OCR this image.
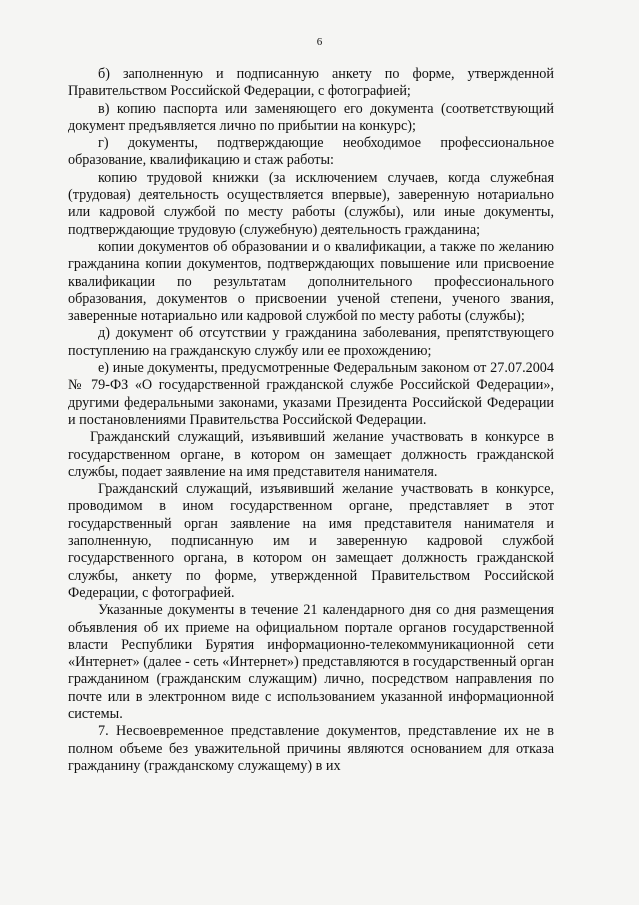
6

б) заполненную и подписанную анкету по форме, утвержденной Правительством Российской Федерации, с фотографией;

в) копию паспорта или заменяющего его документа (соответствующий документ предъявляется лично по прибытии на конкурс);

г) документы, подтверждающие необходимое профессиональное образование, квалификацию и стаж работы:

копию трудовой книжки (за исключением случаев, когда служебная (трудовая) деятельность осуществляется впервые), заверенную нотариально или кадровой службой по месту работы (службы), или иные документы, подтверждающие трудовую (служебную) деятельность гражданина;

копии документов об образовании и о квалификации, а также по желанию гражданина копии документов, подтверждающих повышение или присвоение квалификации по результатам дополнительного профессионального образования, документов о присвоении ученой степени, ученого звания, заверенные нотариально или кадровой службой по месту работы (службы);

д) документ об отсутствии у гражданина заболевания, препятствующего поступлению на гражданскую службу или ее прохождению;

е) иные документы, предусмотренные Федеральным законом от 27.07.2004 № 79-ФЗ «О государственной гражданской службе Российской Федерации», другими федеральными законами, указами Президента Российской Федерации и постановлениями Правительства Российской Федерации.

Гражданский служащий, изъявивший желание участвовать в конкурсе в государственном органе, в котором он замещает должность гражданской службы, подает заявление на имя представителя нанимателя.

Гражданский служащий, изъявивший желание участвовать в конкурсе, проводимом в ином государственном органе, представляет в этот государственный орган заявление на имя представителя нанимателя и заполненную, подписанную им и заверенную кадровой службой государственного органа, в котором он замещает должность гражданской службы, анкету по форме, утвержденной Правительством Российской Федерации, с фотографией.

Указанные документы в течение 21 календарного дня со дня размещения объявления об их приеме на официальном портале органов государственной власти Республики Бурятия информационно-телекоммуникационной сети «Интернет» (далее - сеть «Интернет») представляются в государственный орган гражданином (гражданским служащим) лично, посредством направления по почте или в электронном виде с использованием указанной информационной системы.

7. Несвоевременное представление документов, представление их не в полном объеме без уважительной причины являются основанием для отказа гражданину (гражданскому служащему) в их
